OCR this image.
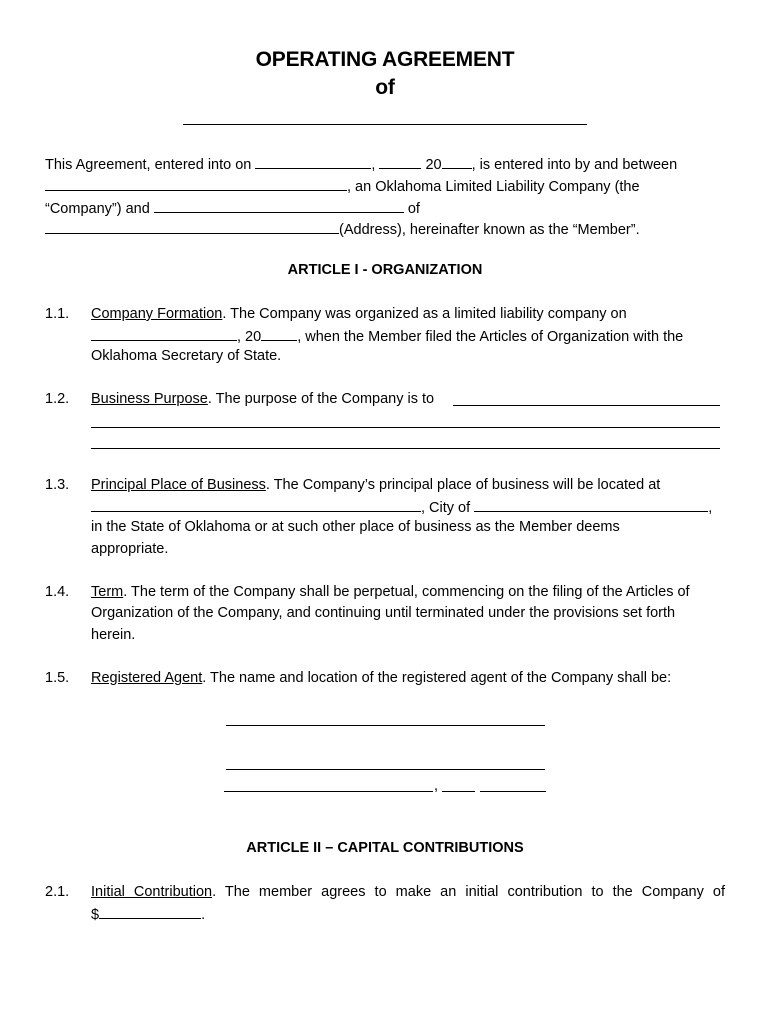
OPERATING AGREEMENT
of
This Agreement, entered into on	,	20 , is entered into by and between
, an Oklahoma Limited Liability Company (the
“Company”) and	of
(Address), hereinafter known as the “Member”.
ARTICLE I - ORGANIZATION
1.1. Company Formation. The Company was organized as a limited liability company on
, 20 , when the Member filed the Articles of Organization with the
Oklahoma Secretary of State.
1.2. Business Purpose. The purpose of the Company is to
1.3. Principal Place of Business. The Company’s principal place of business will be located at
, City of	,
in the State of Oklahoma or at such other place of business as the Member deems
appropriate.
1.4. Term. The term of the Company shall be perpetual, commencing on the filing of the Articles of
Organization of the Company, and continuing until terminated under the provisions set forth
herein.
1.5. Registered Agent. The name and location of the registered agent of the Company shall be:
,
ARTICLE II – CAPITAL CONTRIBUTIONS
2.1. Initial Contribution. The member agrees to make an initial contribution to the Company of
$	.
